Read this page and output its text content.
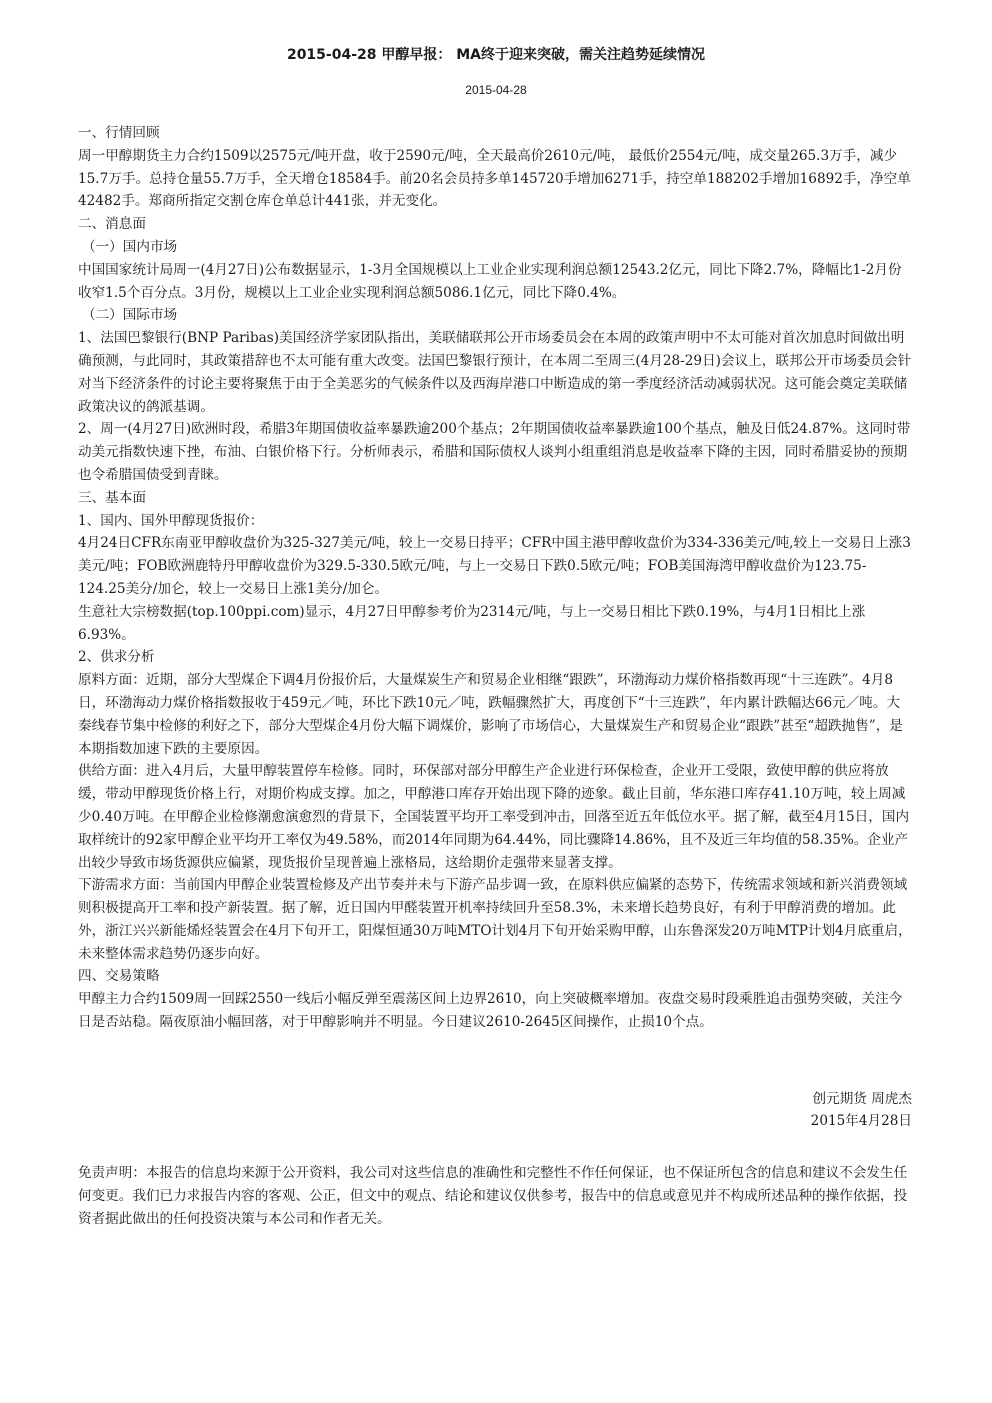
2015-04-28 甲醇早报： MA终于迎来突破，需关注趋势延续情况
2015-04-28

一、行情回顾

周一甲醇期货主力合约1509以2575元/吨开盘，收于2590元/吨，全天最高价2610元/吨， 最低价2554元/吨，成交量265.3万手，减少15.7万手。总持仓量55.7万手，全天增仓18584手。前20名会员持多单145720手增加6271手，持空单188202手增加16892手，净空单42482手。郑商所指定交割仓库仓单总计441张，并无变化。

二、消息面

（一）国内市场

中国国家统计局周一(4月27日)公布数据显示，1-3月全国规模以上工业企业实现利润总额12543.2亿元，同比下降2.7%，降幅比1-2月份收窄1.5个百分点。3月份，规模以上工业企业实现利润总额5086.1亿元，同比下降0.4%。

（二）国际市场

1、法国巴黎银行(BNP Paribas)美国经济学家团队指出，美联储联邦公开市场委员会在本周的政策声明中不太可能对首次加息时间做出明确预测，与此同时，其政策措辞也不太可能有重大改变。法国巴黎银行预计，在本周二至周三(4月28-29日)会议上，联邦公开市场委员会针对当下经济条件的讨论主要将聚焦于由于全美恶劣的气候条件以及西海岸港口中断造成的第一季度经济活动减弱状况。这可能会奠定美联储政策决议的鸽派基调。

2、周一(4月27日)欧洲时段，希腊3年期国债收益率暴跌逾200个基点；2年期国债收益率暴跌逾100个基点，触及日低24.87%。这同时带动美元指数快速下挫，布油、白银价格下行。分析师表示，希腊和国际债权人谈判小组重组消息是收益率下降的主因，同时希腊妥协的预期也令希腊国债受到青睐。

三、基本面

1、国内、国外甲醇现货报价：

4月24日CFR东南亚甲醇收盘价为325-327美元/吨，较上一交易日持平；CFR中国主港甲醇收盘价为334-336美元/吨,较上一交易日上涨3美元/吨；FOB欧洲鹿特丹甲醇收盘价为329.5-330.5欧元/吨，与上一交易日下跌0.5欧元/吨；FOB美国海湾甲醇收盘价为123.75-124.25美分/加仑，较上一交易日上涨1美分/加仑。

生意社大宗榜数据(top.100ppi.com)显示，4月27日甲醇参考价为2314元/吨，与上一交易日相比下跌0.19%，与4月1日相比上涨6.93%。

2、供求分析

原料方面：近期，部分大型煤企下调4月份报价后，大量煤炭生产和贸易企业相继“跟跌”，环渤海动力煤价格指数再现“十三连跌”。4月8日，环渤海动力煤价格指数报收于459元／吨，环比下跌10元／吨，跌幅骤然扩大，再度创下“十三连跌”，年内累计跌幅达66元／吨。大秦线春节集中检修的利好之下，部分大型煤企4月份大幅下调煤价，影响了市场信心，大量煤炭生产和贸易企业“跟跌”甚至“超跌抛售”，是本期指数加速下跌的主要原因。

供给方面：进入4月后，大量甲醇装置停车检修。同时，环保部对部分甲醇生产企业进行环保检查，企业开工受限，致使甲醇的供应将放缓，带动甲醇现货价格上行，对期价构成支撑。加之，甲醇港口库存开始出现下降的迹象。截止目前，华东港口库存41.10万吨，较上周减少0.40万吨。在甲醇企业检修潮愈演愈烈的背景下，全国装置平均开工率受到冲击，回落至近五年低位水平。据了解，截至4月15日，国内取样统计的92家甲醇企业平均开工率仅为49.58%，而2014年同期为64.44%，同比骤降14.86%，且不及近三年均值的58.35%。企业产出较少导致市场货源供应偏紧，现货报价呈现普遍上涨格局，这给期价走强带来显著支撑。

下游需求方面：当前国内甲醇企业装置检修及产出节奏并未与下游产品步调一致，在原料供应偏紧的态势下，传统需求领域和新兴消费领域则积极提高开工率和投产新装置。据了解，近日国内甲醛装置开机率持续回升至58.3%，未来增长趋势良好，有利于甲醇消费的增加。此外，浙江兴兴新能烯烃装置会在4月下旬开工，阳煤恒通30万吨MTO计划4月下旬开始采购甲醇，山东鲁深发20万吨MTP计划4月底重启，未来整体需求趋势仍逐步向好。

四、交易策略

甲醇主力合约1509周一回踩2550一线后小幅反弹至震荡区间上边界2610，向上突破概率增加。夜盘交易时段乘胜追击强势突破，关注今日是否站稳。隔夜原油小幅回落，对于甲醇影响并不明显。今日建议2610-2645区间操作，止损10个点。

创元期货 周虎杰
2015年4月28日
免责声明：本报告的信息均来源于公开资料，我公司对这些信息的准确性和完整性不作任何保证，也不保证所包含的信息和建议不会发生任何变更。我们已力求报告内容的客观、公正，但文中的观点、结论和建议仅供参考，报告中的信息或意见并不构成所述品种的操作依据，投资者据此做出的任何投资决策与本公司和作者无关。
